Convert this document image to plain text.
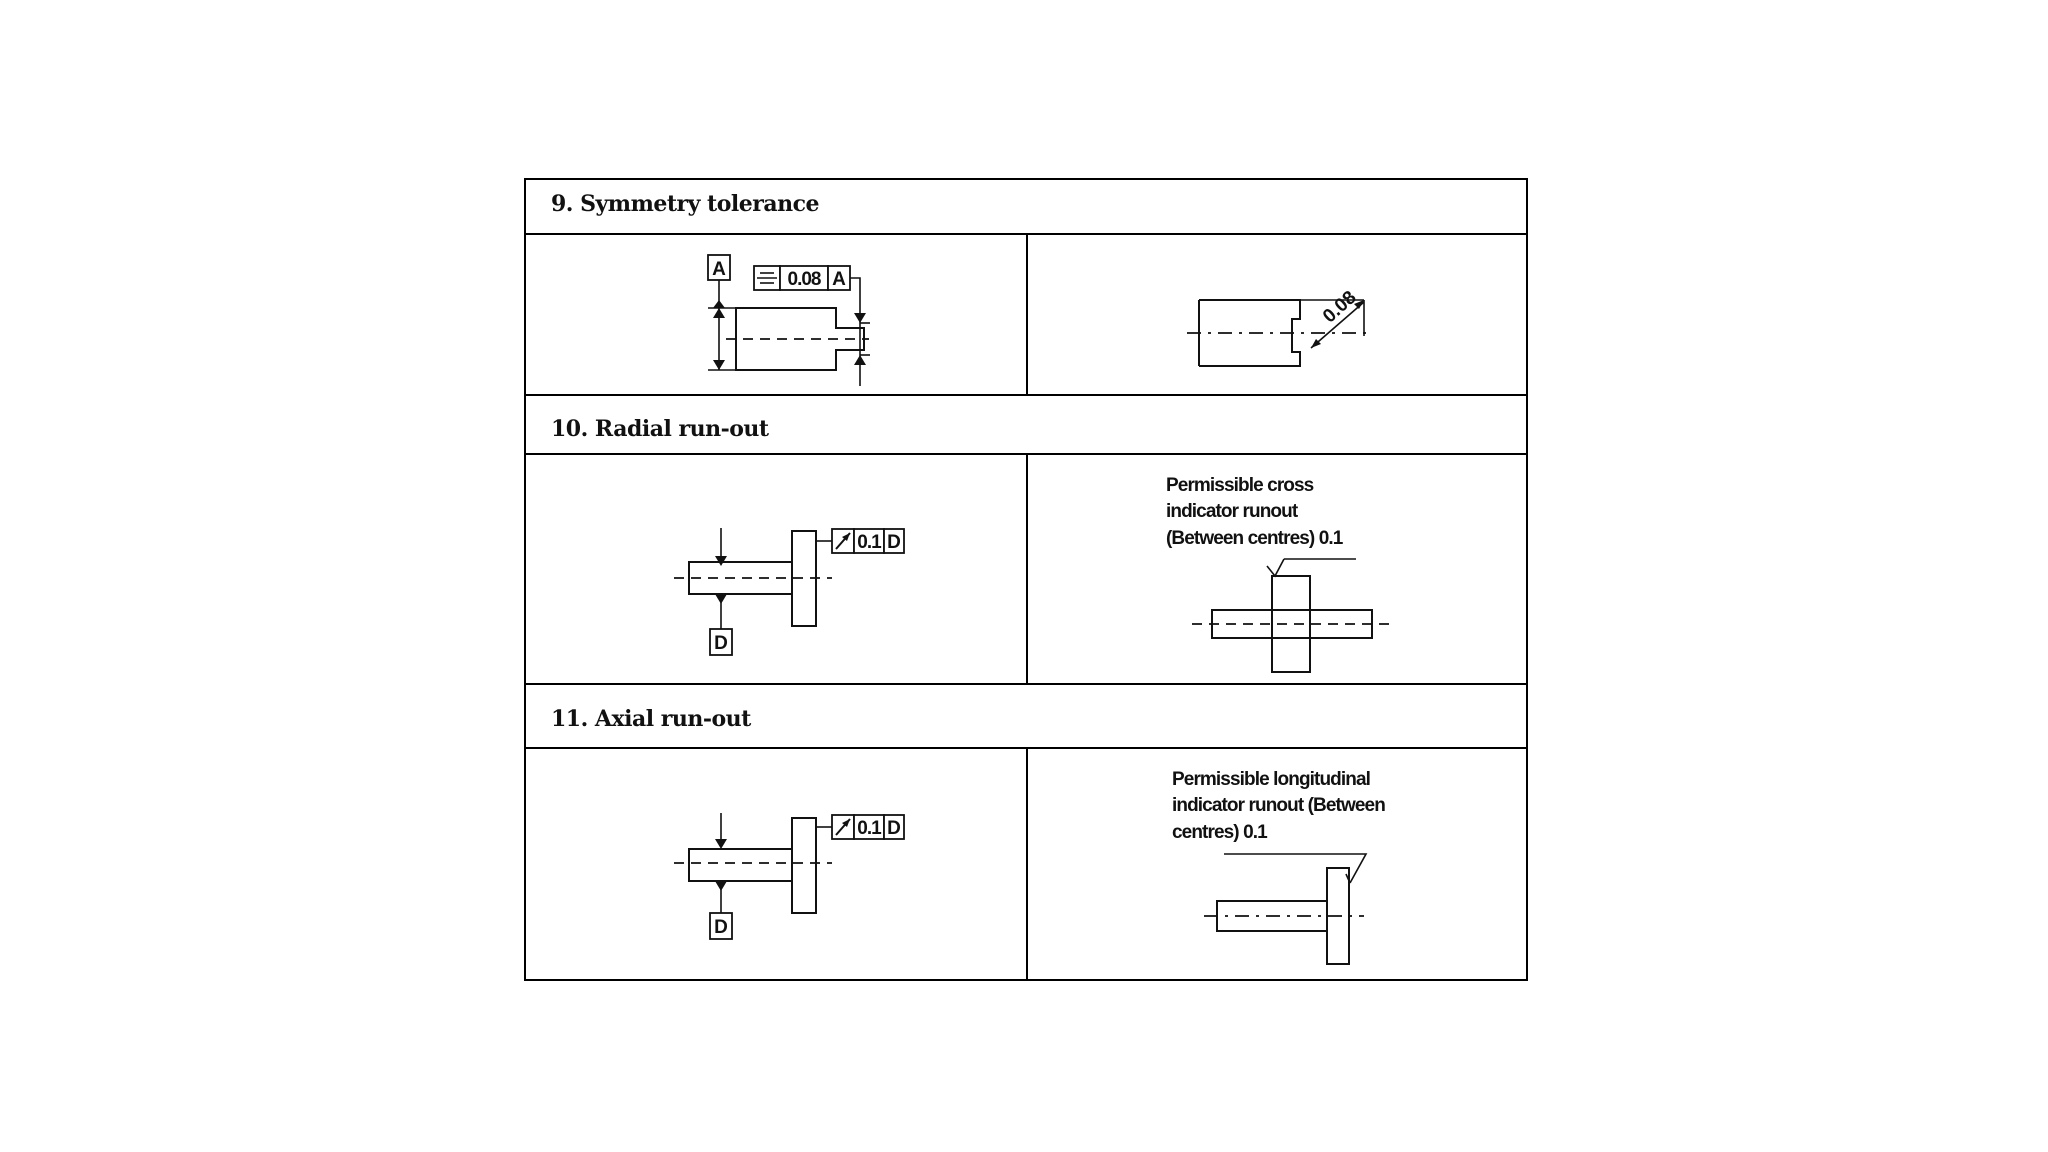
9. Symmetry tolerance
10. Radial run-out
11. Axial run-out
A	0.08 A
0.08
D
0.1 D
Permissible cross
indicator runout
(Between centres) 0.1
D
0.1 D
Permissible longitudinal
indicator runout (Between
centres) 0.1
